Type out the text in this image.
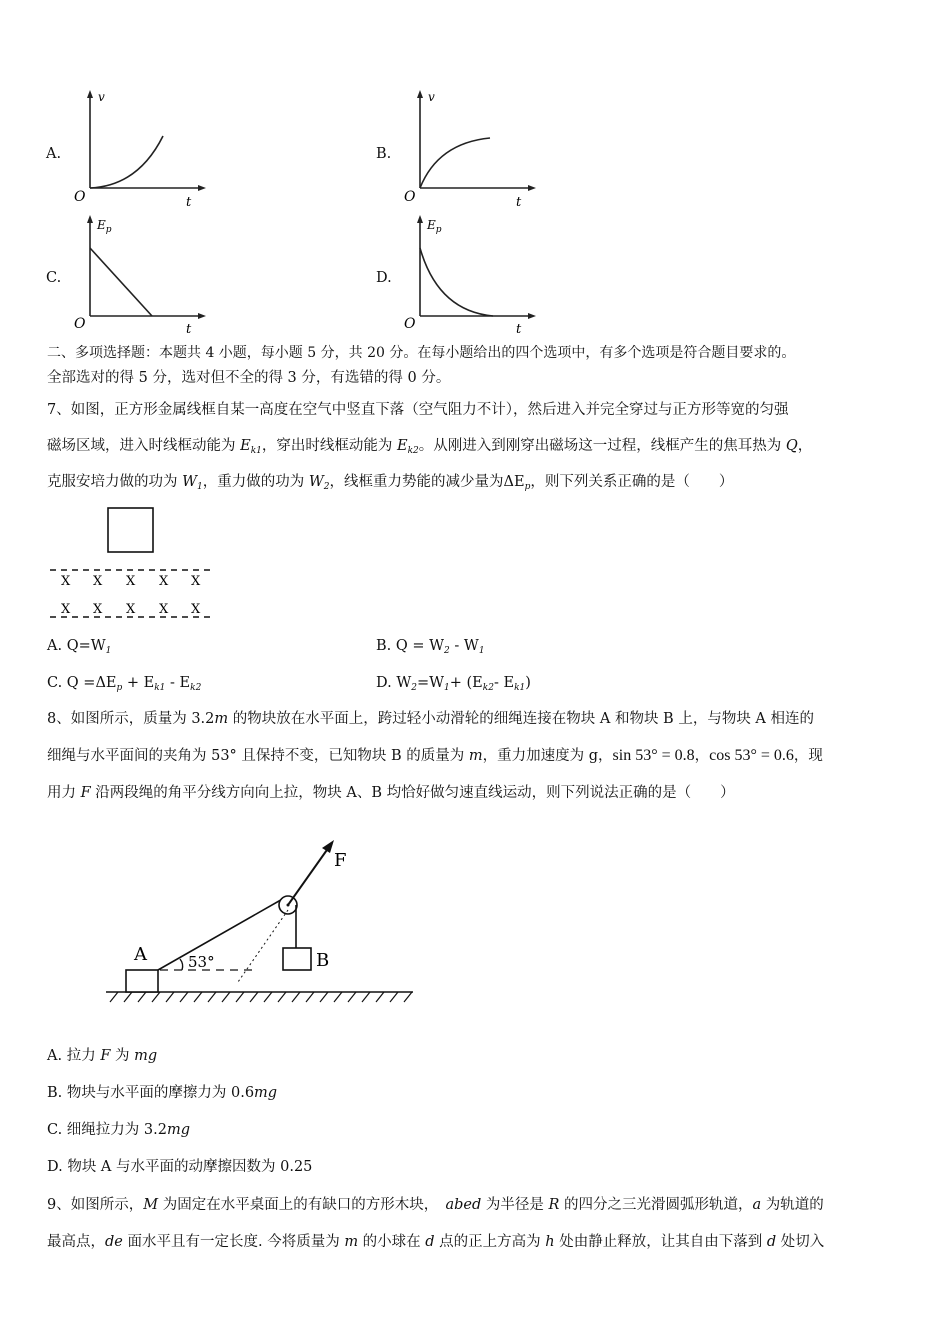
A.
v
O	t
B.
v
O	t
C.
$E_p$
O	t
D.
$E_p$
O	t
二、多项选择题：本题共 4 小题，每小题 5 分，共 20 分。在每小题给出的四个选项中，有多个选项是符合题目要求的。
全部选对的得 5 分，选对但不全的得 3 分，有选错的得 0 分。
7、如图，正方形金属线框自某一高度在空气中竖直下落（空气阻力不计），然后进入并完全穿过与正方形等宽的匀强
磁场区域，进入时线框动能为 $E_{k1}$，穿出时线框动能为 $E_{k2}$。从刚进入到刚穿出磁场这一过程，线框产生的焦耳热为 Q，
克服安培力做的功为 $W_1$，重力做的功为 $W_2$，线框重力势能的减少量为$\Delta E_p$，则下列关系正确的是（　　）
X X X X X
X X X X X
A. $Q=W_1$	B. $Q = W_2 - W_1$
C. $Q =\Delta E_p + E_{k1} - E_{k2}$	D. $W_2=W_1+ (E_{k2}-$ $E_{k1}$)
8、如图所示，质量为 3.2m 的物块放在水平面上，跨过轻小动滑轮的细绳连接在物块 A 和物块 B 上，与物块 A 相连的
细绳与水平面间的夹角为 53° 且保持不变，已知物块 B 的质量为 m，重力加速度为 g，sin 53° = 0.8，cos 53° = 0.6，现
用力 F 沿两段绳的角平分线方向向上拉，物块 A、B 均恰好做匀速直线运动，则下列说法正确的是（　　）
F
A	B
53°
A. 拉力 F 为 mg
B. 物块与水平面的摩擦力为 0.6mg
C. 细绳拉力为 3.2mg
D. 物块 A 与水平面的动摩擦因数为 0.25
9、如图所示，M 为固定在水平桌面上的有缺口的方形木块，　abed 为半径是 R 的四分之三光滑圆弧形轨道，a 为轨道的
最高点，de 面水平且有一定长度. 今将质量为 m 的小球在 d 点的正上方高为 h 处由静止释放，让其自由下落到 d 处切入
